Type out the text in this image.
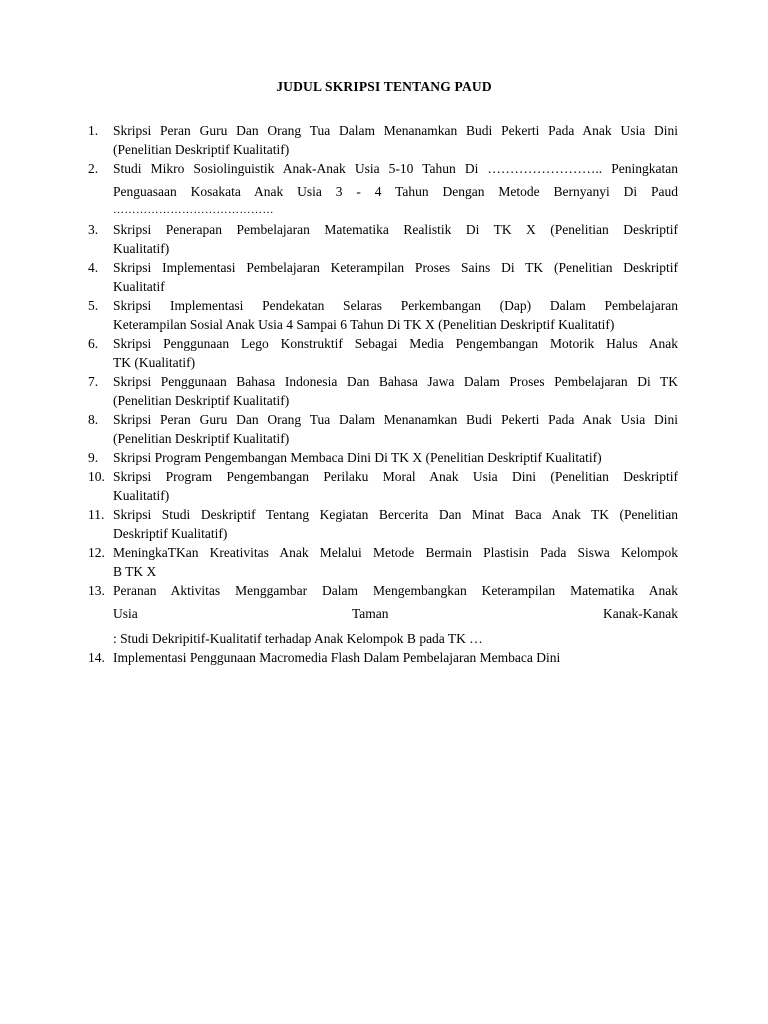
JUDUL SKRIPSI TENTANG PAUD
1.	Skripsi Peran Guru Dan Orang Tua Dalam Menanamkan Budi Pekerti Pada Anak Usia Dini
(Penelitian Deskriptif Kualitatif)
2.	Studi Mikro Sosiolinguistik Anak-Anak Usia 5-10 Tahun Di …………………….. Peningkatan
Penguasaan Kosakata Anak Usia 3 - 4 Tahun Dengan Metode Bernyanyi Di Paud
……………………………………
3.	Skripsi Penerapan Pembelajaran Matematika Realistik Di TK X (Penelitian Deskriptif
Kualitatif)
4.	Skripsi Implementasi Pembelajaran Keterampilan Proses Sains Di TK (Penelitian Deskriptif
Kualitatif
5.	Skripsi Implementasi Pendekatan Selaras Perkembangan (Dap) Dalam Pembelajaran
Keterampilan Sosial Anak Usia 4 Sampai 6 Tahun Di TK X (Penelitian Deskriptif Kualitatif)
6.	Skripsi Penggunaan Lego Konstruktif Sebagai Media Pengembangan Motorik Halus Anak
TK (Kualitatif)
7.	Skripsi Penggunaan Bahasa Indonesia Dan Bahasa Jawa Dalam Proses Pembelajaran Di TK
(Penelitian Deskriptif Kualitatif)
8.	Skripsi Peran Guru Dan Orang Tua Dalam Menanamkan Budi Pekerti Pada Anak Usia Dini
(Penelitian Deskriptif Kualitatif)
9.	Skripsi Program Pengembangan Membaca Dini Di TK X (Penelitian Deskriptif Kualitatif)
10. Skripsi Program Pengembangan Perilaku Moral Anak Usia Dini (Penelitian Deskriptif
Kualitatif)
11. Skripsi Studi Deskriptif Tentang Kegiatan Bercerita Dan Minat Baca Anak TK (Penelitian
Deskriptif Kualitatif)
12. MeningkaTKan Kreativitas Anak Melalui Metode Bermain Plastisin Pada Siswa Kelompok
B TK X
13. Peranan Aktivitas Menggambar Dalam Mengembangkan Keterampilan Matematika Anak
Usia Taman Kanak-Kanak
: Studi Dekripitif-Kualitatif terhadap Anak Kelompok B pada TK …
14. Implementasi Penggunaan Macromedia Flash Dalam Pembelajaran Membaca Dini
